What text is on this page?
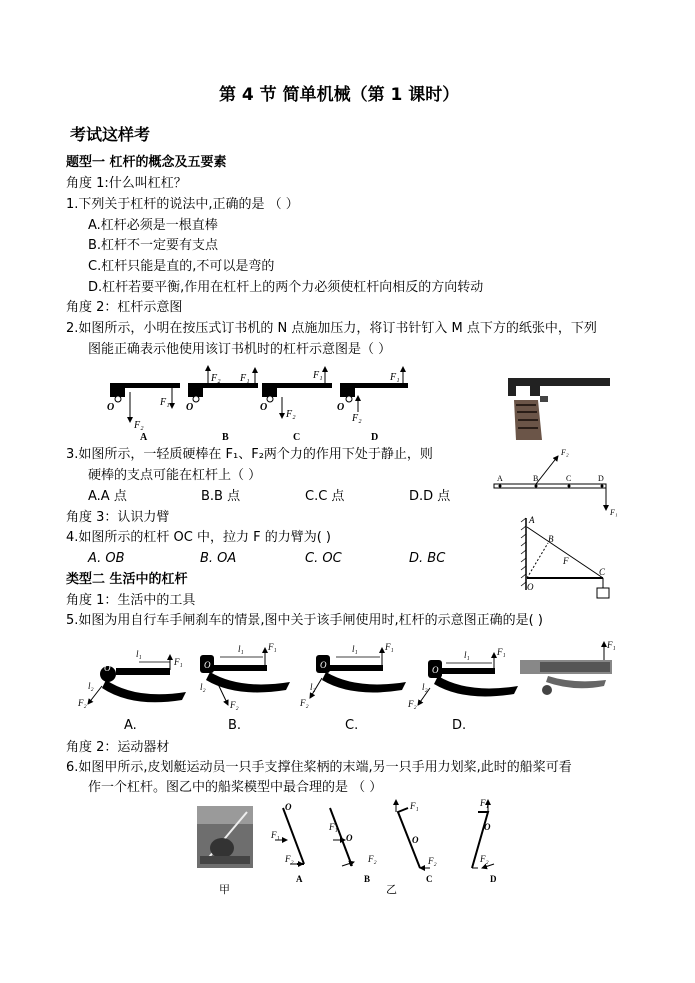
第 4 节 简单机械（第 1 课时）
考试这样考
题型一 杠杆的概念及五要素
角度 1:什么叫杠杠？
1.下列关于杠杆的说法中,正确的是 （ ）
A.杠杆必须是一根直棒
B.杠杆不一定要有支点
C.杠杆只能是直的,不可以是弯的
D.杠杆若要平衡,作用在杠杆上的两个力必须使杠杆向相反的方向转动
角度 2：杠杆示意图
2.如图所示，小明在按压式订书机的 N 点施加压力，将订书针钉入 M 点下方的纸张中，下列
图能正确表示他使用该订书机时的杠杆示意图是（ ）
3.如图所示，一轻质硬棒在 F₁、F₂两个力的作用下处于静止，则
硬棒的支点可能在杠杆上（ ）
A.A 点	B.B 点	C.C 点	D.D 点
角度 3：认识力臂
4.如图所示的杠杆 OC 中，拉力 F 的力臂为( )
A. OB	B. OA	C. OC	D. BC
类型二 生活中的杠杆
角度 1：生活中的工具
5.如图为用自行车手闸刹车的情景,图中关于该手闸使用时,杠杆的示意图正确的是( )
A.	B.	C.	D.
角度 2：运动器材
6.如图甲所示,皮划艇运动员一只手支撑住桨柄的末端,另一只手用力划桨,此时的船桨可看
作一个杠杆。图乙中的船桨模型中最合理的是 （ ）
甲	乙
O
F₂
F₁
A
F₂ F₁
O
B
F₁
O
F₂
C
F₁
O
F₂
D
A	B	C	D
F₂
F₁
A
B
C
O
F
O
l₁
F₁
l₂
F₂
O
l₁	F₁
l₂
F₂
O
l₁	F₁
l₂
F₂
O
l₁	F₁
l₂
F₂
F₁
O
F₁
F₂
A
F₁
O
F₂
B
F₁
O
F₂
C
F₁
O
F₂
D
